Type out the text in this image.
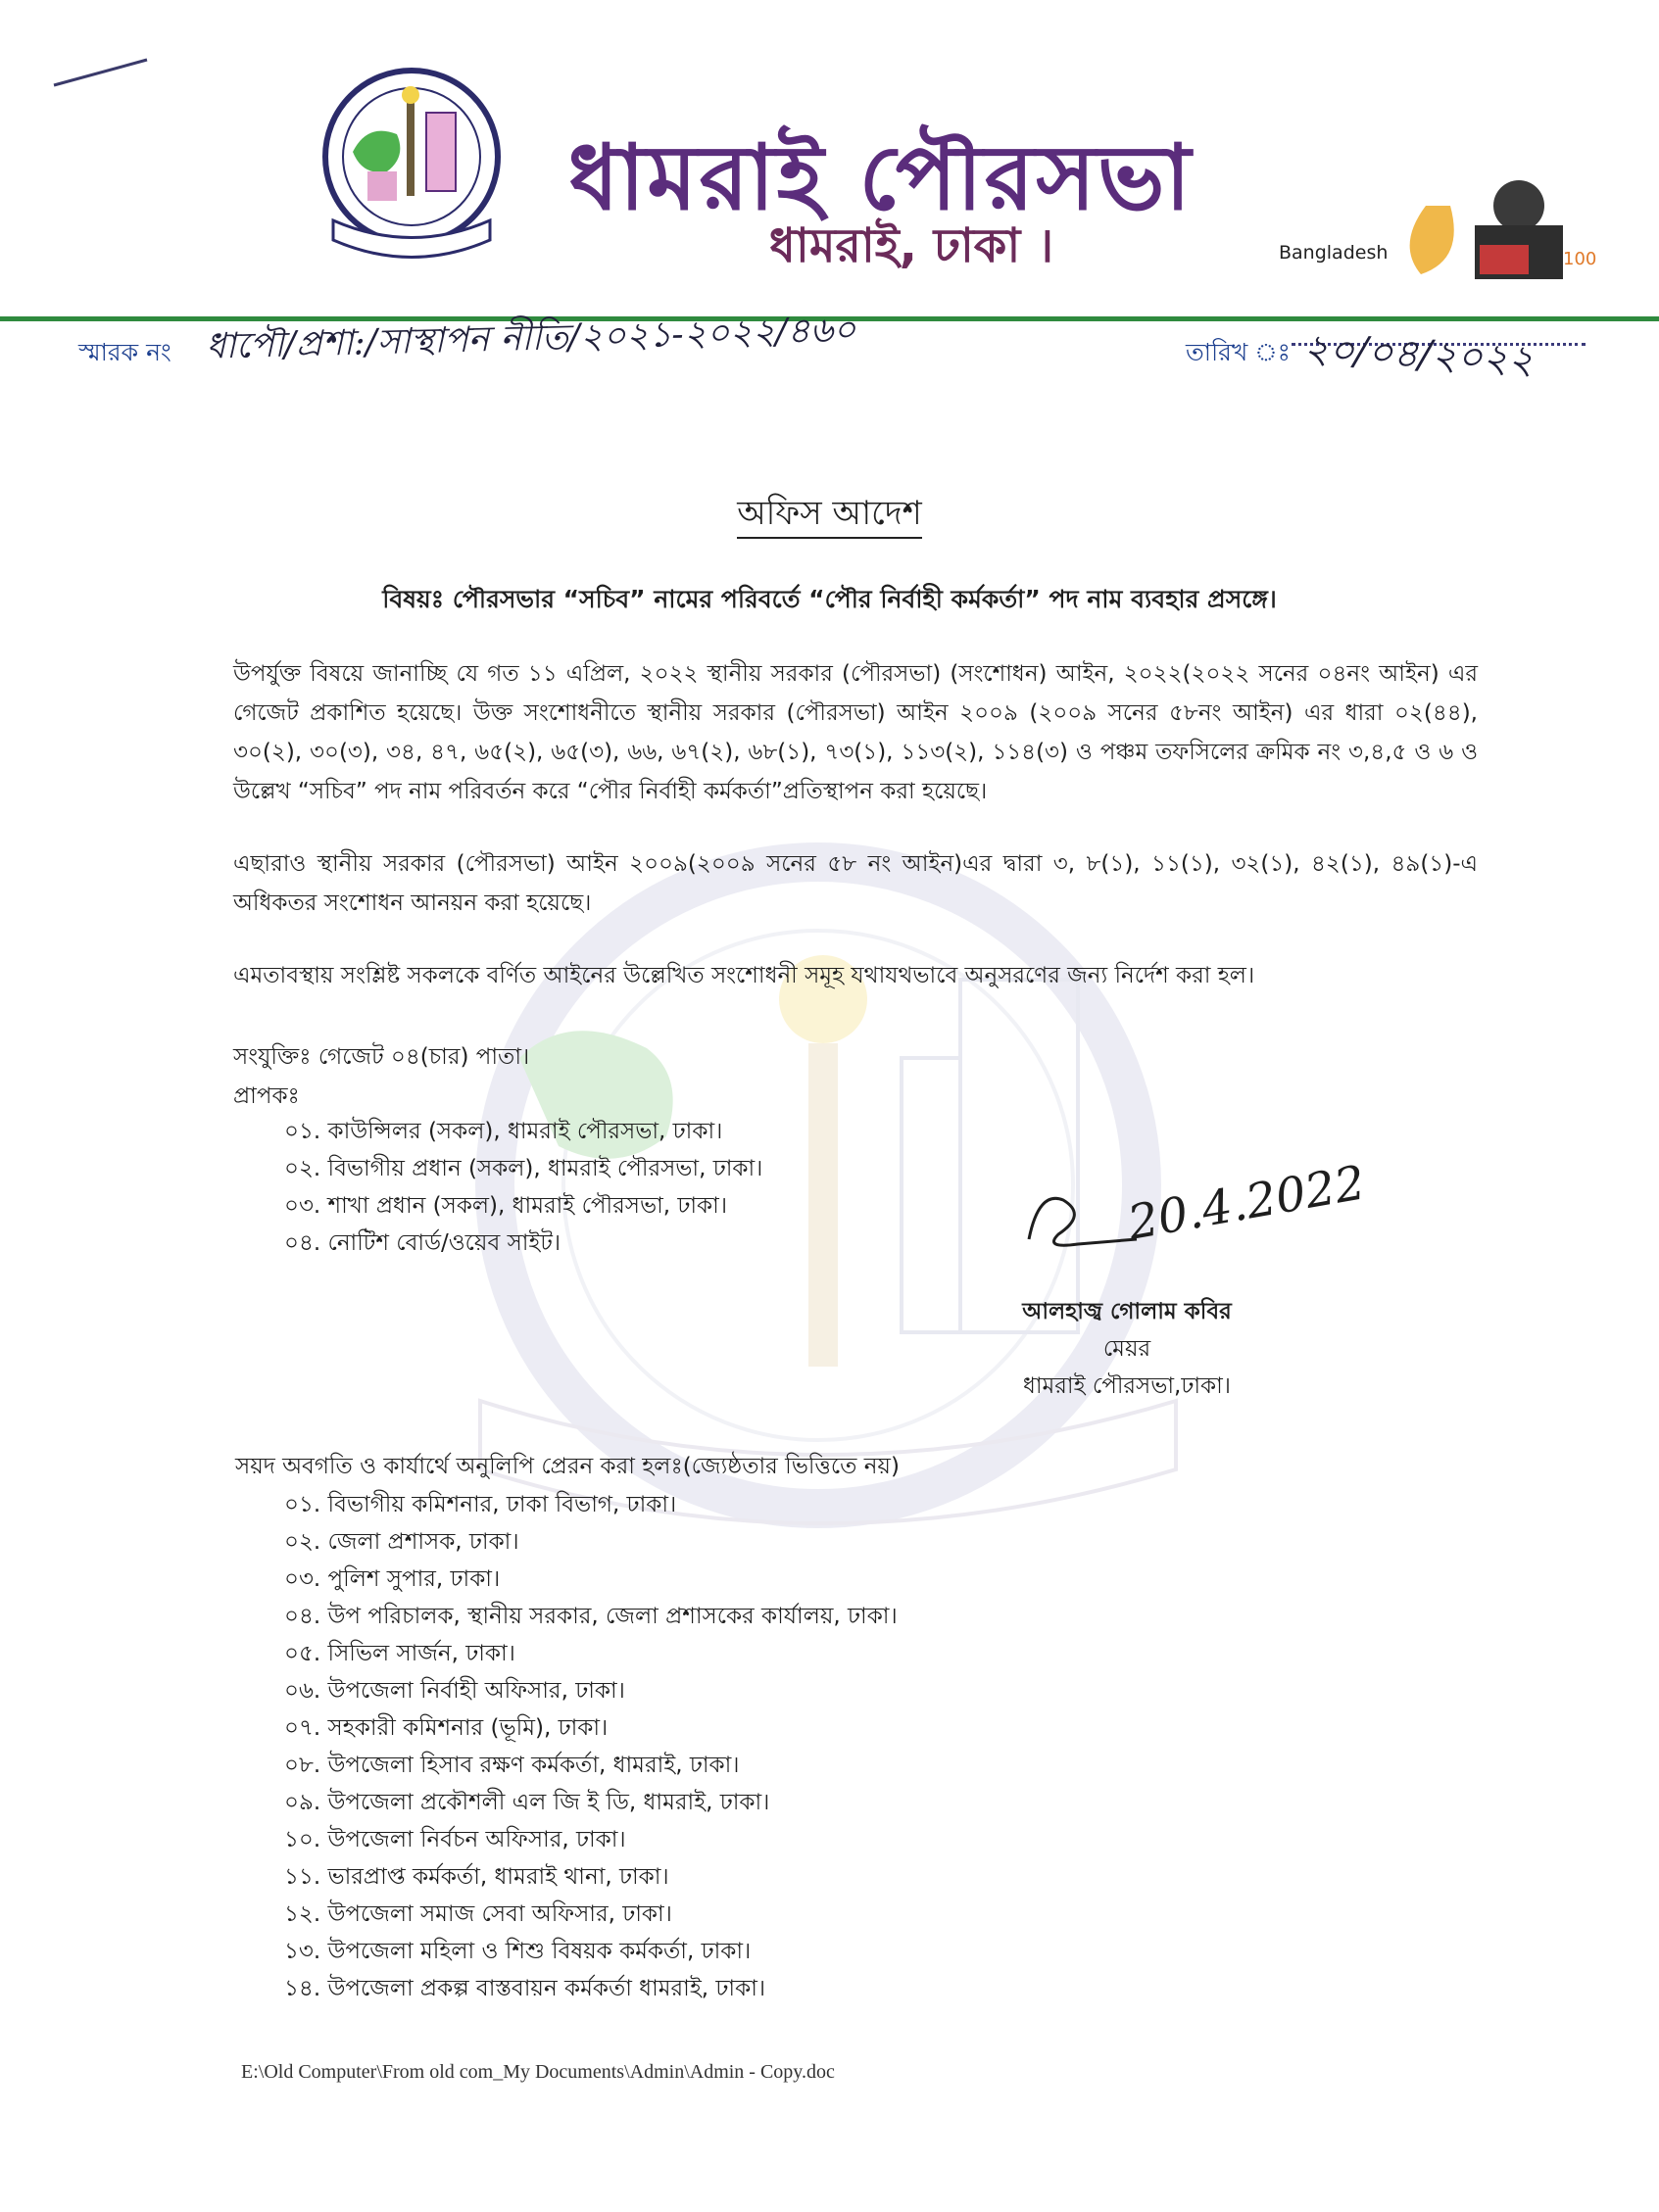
ধামরাই পৌরসভা
ধামরাই, ঢাকা ।	100
Bangladesh
স্মারক নং ধাপৌ/প্রশা:/সাস্থাপন নীতি/২০২১-২০২২/৪৬০	তারিখ ঃ ২০/০৪/২০২২
অফিস আদেশ
বিষয়ঃ পৌরসভার “সচিব” নামের পরিবর্তে “পৌর নির্বাহী কর্মকর্তা” পদ নাম ব্যবহার প্রসঙ্গে।
উপর্যুক্ত বিষয়ে জানাচ্ছি যে গত ১১ এপ্রিল, ২০২২ স্থানীয় সরকার (পৌরসভা) (সংশোধন) আইন, ২০২২(২০২২ সনের ০৪নং আইন) এর গেজেট প্রকাশিত হয়েছে। উক্ত সংশোধনীতে স্থানীয় সরকার (পৌরসভা) আইন ২০০৯ (২০০৯ সনের ৫৮নং আইন) এর ধারা ০২(৪৪), ৩০(২), ৩০(৩), ৩৪, ৪৭, ৬৫(২), ৬৫(৩), ৬৬, ৬৭(২), ৬৮(১), ৭৩(১), ১১৩(২), ১১৪(৩) ও পঞ্চম তফসিলের ক্রমিক নং ৩,৪,৫ ও ৬ ও উল্লেখ “সচিব” পদ নাম পরিবর্তন করে “পৌর নির্বাহী কর্মকর্তা”প্রতিস্থাপন করা হয়েছে।
এছারাও স্থানীয় সরকার (পৌরসভা) আইন ২০০৯(২০০৯ সনের ৫৮ নং আইন)এর দ্বারা ৩, ৮(১), ১১(১), ৩২(১), ৪২(১), ৪৯(১)-এ অধিকতর সংশোধন আনয়ন করা হয়েছে।
এমতাবস্থায় সংশ্লিষ্ট সকলকে বর্ণিত আইনের উল্লেখিত সংশোধনী সমূহ যথাযথভাবে অনুসরণের জন্য নির্দেশ করা হল।
সংযুক্তিঃ গেজেট ০৪(চার) পাতা।
প্রাপকঃ
০১. কাউন্সিলর (সকল), ধামরাই পৌরসভা, ঢাকা।
০২. বিভাগীয় প্রধান (সকল), ধামরাই পৌরসভা, ঢাকা।
০৩. শাখা প্রধান (সকল), ধামরাই পৌরসভা, ঢাকা।
০৪. নোটিশ বোর্ড/ওয়েব সাইট।	20.4.2022
আলহাজ্ব গোলাম কবির
মেয়র
ধামরাই পৌরসভা,ঢাকা।
সয়দ অবগতি ও কার্যার্থে অনুলিপি প্রেরন করা হলঃ(জ্যেষ্ঠতার ভিত্তিতে নয়)
০১. বিভাগীয় কমিশনার, ঢাকা বিভাগ, ঢাকা।
০২. জেলা প্রশাসক, ঢাকা।
০৩. পুলিশ সুপার, ঢাকা।
০৪. উপ পরিচালক, স্থানীয় সরকার, জেলা প্রশাসকের কার্যালয়, ঢাকা।
০৫. সিভিল সার্জন, ঢাকা।
০৬. উপজেলা নির্বাহী অফিসার, ঢাকা।
০৭. সহকারী কমিশনার (ভূমি), ঢাকা।
০৮. উপজেলা হিসাব রক্ষণ কর্মকর্তা, ধামরাই, ঢাকা।
০৯. উপজেলা প্রকৌশলী এল জি ই ডি, ধামরাই, ঢাকা।
১০. উপজেলা নির্বচন অফিসার, ঢাকা।
১১. ভারপ্রাপ্ত কর্মকর্তা, ধামরাই থানা, ঢাকা।
১২. উপজেলা সমাজ সেবা অফিসার, ঢাকা।
১৩. উপজেলা মহিলা ও শিশু বিষয়ক কর্মকর্তা, ঢাকা।
১৪. উপজেলা প্রকল্প বাস্তবায়ন কর্মকর্তা ধামরাই, ঢাকা।
E:\Old Computer\From old com_My Documents\Admin\Admin - Copy.doc
